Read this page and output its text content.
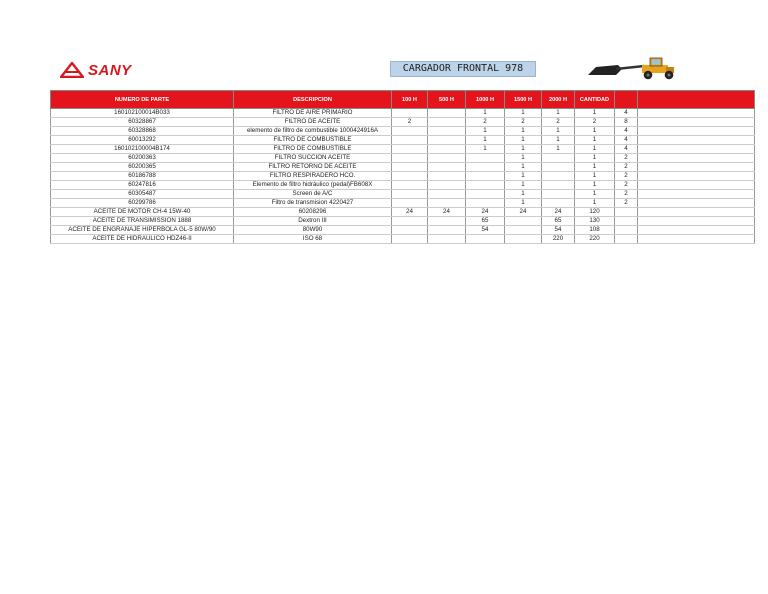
SANY	CARGADOR FRONTAL 978
NUMERO DE PARTE	DESCRIPCION	100 H	500 H	1000 H	1500 H	2000 H	CANTIDAD		
160102100014B033	FILTRO DE AIRE PRIMARIO			1	1	1	1	4	
60328867	FILTRO DE ACEITE	2		2	2	2	2	8	
60328868	elemento de filtro de combustible 1000424916A			1	1	1	1	4	
60013292	FILTRO DE COMBUSTIBLE			1	1	1	1	4	
160102100004B174	FILTRO DE COMBUSTIBLE			1	1	1	1	4	
60200363	FILTRO SUCCION ACEITE				1		1	2	
60200365	FILTRO RETORNO DE ACEITE				1		1	2	
60186788	FILTRO RESPIRADERO HCO.				1		1	2	
60247816	Elemento de filtro hidráulico (pedal)FB608X				1		1	2	
60305487	Screen de A/C				1		1	2	
60299786	Filtro de transmision 4220427				1		1	2	
ACEITE DE MOTOR CH-4 15W-40	60208296	24	24	24	24	24	120		
ACEITE DE TRANSIMISSION 1888	Dextron III			65		65	130		
ACEITE DE ENGRANAJE HIPERBOLA GL-5 80W/90	80W90			54		54	108		
ACEITE DE HIDRAULICO HDZ46-II	ISO 68					220	220		
